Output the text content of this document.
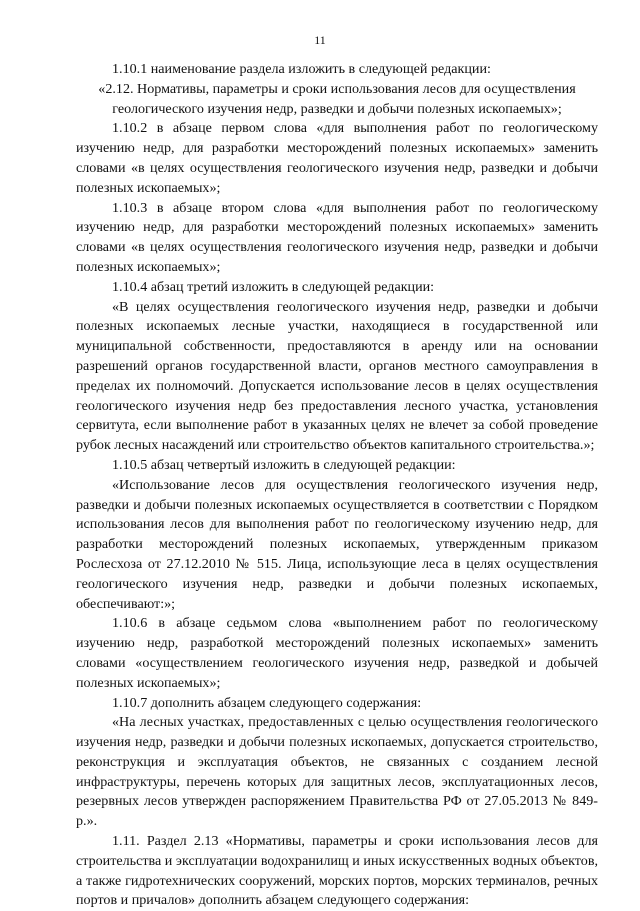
11

1.10.1 наименование раздела изложить в следующей редакции:

«2.12. Нормативы, параметры и сроки использования лесов для осуществления геологического изучения недр, разведки и добычи полезных ископаемых»;

1.10.2 в абзаце первом слова «для выполнения работ по геологическому изучению недр, для разработки месторождений полезных ископаемых» заменить словами «в целях осуществления геологического изучения недр, разведки и добычи полезных ископаемых»;

1.10.3 в абзаце втором слова «для выполнения работ по геологическому изучению недр, для разработки месторождений полезных ископаемых» заменить словами «в целях осуществления геологического изучения недр, разведки и добычи полезных ископаемых»;

1.10.4 абзац третий изложить в следующей редакции:

«В целях осуществления геологического изучения недр, разведки и добычи полезных ископаемых лесные участки, находящиеся в государственной или муниципальной собственности, предоставляются в аренду или на основании разрешений органов государственной власти, органов местного самоуправления в пределах их полномочий. Допускается использование лесов в целях осуществления геологического изучения недр без предоставления лесного участка, установления сервитута, если выполнение работ в указанных целях не влечет за собой проведение рубок лесных насаждений или строительство объектов капитального строительства.»;

1.10.5 абзац четвертый изложить в следующей редакции:

«Использование лесов для осуществления геологического изучения недр, разведки и добычи полезных ископаемых осуществляется в соответствии с Порядком использования лесов для выполнения работ по геологическому изучению недр, для разработки месторождений полезных ископаемых, утвержденным приказом Рослесхоза от 27.12.2010 № 515. Лица, использующие леса в целях осуществления геологического изучения недр, разведки и добычи полезных ископаемых, обеспечивают:»;

1.10.6 в абзаце седьмом слова «выполнением работ по геологическому изучению недр, разработкой месторождений полезных ископаемых» заменить словами «осуществлением геологического изучения недр, разведкой и добычей полезных ископаемых»;

1.10.7 дополнить абзацем следующего содержания:

«На лесных участках, предоставленных с целью осуществления геологического изучения недр, разведки и добычи полезных ископаемых, допускается строительство, реконструкция и эксплуатация объектов, не связанных с созданием лесной инфраструктуры, перечень которых для защитных лесов, эксплуатационных лесов, резервных лесов утвержден распоряжением Правительства РФ от 27.05.2013 № 849-р.».

1.11. Раздел 2.13 «Нормативы, параметры и сроки использования лесов для строительства и эксплуатации водохранилищ и иных искусственных водных объектов, а также гидротехнических сооружений, морских портов, морских терминалов, речных портов и причалов» дополнить абзацем следующего содержания:
